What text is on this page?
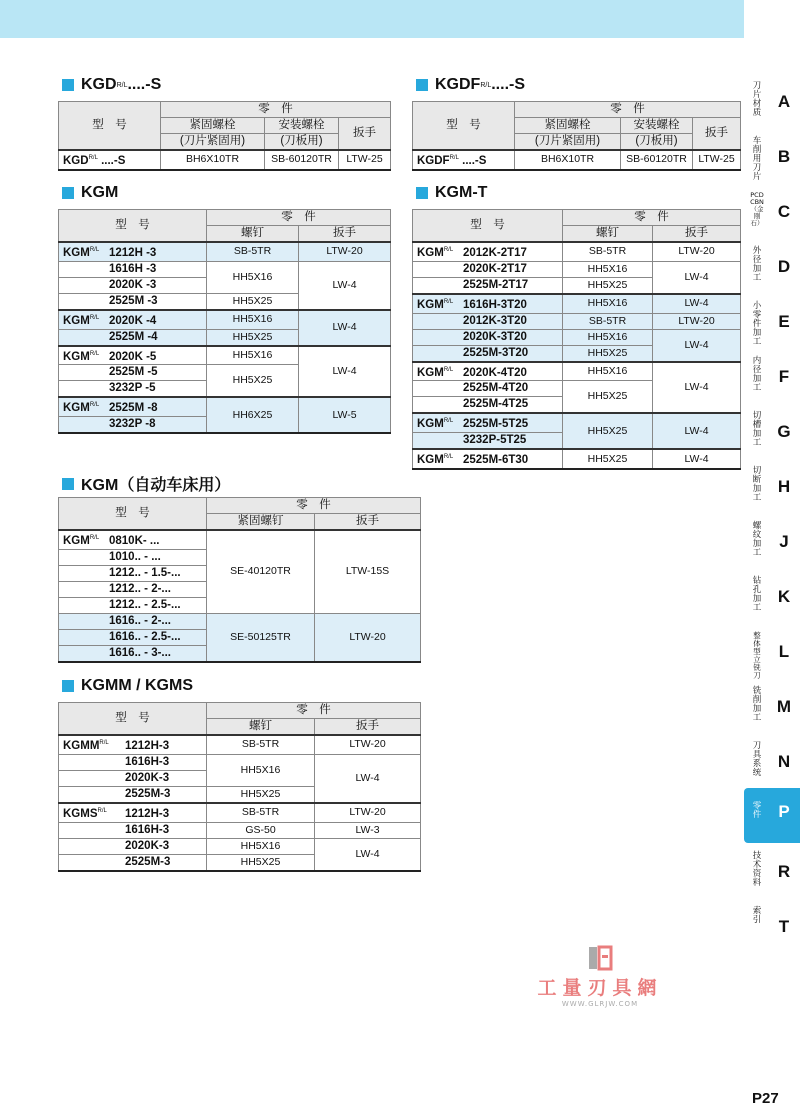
KGD R/L ....-S
型　号	零　件		
	紧固螺栓	安装螺栓	扳手
	(刀片紧固用)	(刀板用)	
$KGD^{R/L}$ ....-S	BH6X10TR	SB-60120TR	LTW-25
KGDF R/L ....-S
型　号	零　件		
	紧固螺栓	安装螺栓	扳手
	(刀片紧固用)	(刀板用)	
$KGDF^{R/L}$ ....-S	BH6X10TR	SB-60120TR	LTW-25
KGM
型　号	零　件	
	螺钉	扳手
$KGM^{R/L}$ 1212H -3	SB-5TR	LTW-20
1616H -3	HH5X16	LW-4
2020K -3		
2525M -3	HH5X25	
$KGM^{R/L}$ 2020K -4	HH5X16	LW-4
2525M -4	HH5X25	
$KGM^{R/L}$ 2020K -5	HH5X16	LW-4
2525M -5	HH5X25	
3232P -5		
$KGM^{R/L}$ 2525M -8	HH6X25	LW-5
3232P -8		
KGM-T
型　号	零　件	
	螺钉	扳手
$KGM^{R/L}$ 2012K-2T17	SB-5TR	LTW-20
2020K-2T17	HH5X16	LW-4
2525M-2T17	HH5X25	
$KGM^{R/L}$ 1616H-3T20	HH5X16	LW-4
2012K-3T20	SB-5TR	LTW-20
2020K-3T20	HH5X16	LW-4
2525M-3T20	HH5X25	
$KGM^{R/L}$ 2020K-4T20	HH5X16	LW-4
2525M-4T20	HH5X25	
2525M-4T25		
$KGM^{R/L}$ 2525M-5T25	HH5X25	LW-4
3232P-5T25		
$KGM^{R/L}$ 2525M-6T30	HH5X25	LW-4
KGM（自动车床用）
型　号	零　件	
	紧固螺钉	扳手
$KGM^{R/L}$ 0810K- ...	SE-40120TR	LTW-15S
1010.. - ...		
1212.. - 1.5-...		
1212.. - 2-...		
1212.. - 2.5-...		
1616.. - 2-...	SE-50125TR	LTW-20
1616.. - 2.5-...		
1616.. - 3-...		
KGMM / KGMS
型　号	零　件	
	螺钉	扳手
$KGMM^{R/L}$ 1212H-3	SB-5TR	LTW-20
1616H-3	HH5X16	LW-4
2020K-3		
2525M-3	HH5X25	
$KGMS^{R/L}$ 1212H-3	SB-5TR	LTW-20
1616H-3	GS-50	LW-3
2020K-3	HH5X16	LW-4
2525M-3	HH5X25	
刀片材质
A
车削用刀片
B
PCD CBN（金刚石）
C
外径加工
D
小零件加工
E
内径加工
F
切槽加工
G
切断加工
H
螺纹加工
J
钻孔加工
K
整体型立铣刀
L
铣削加工
M
刀具系统
N
零件	P
技术资料
R
索引	T
工量刃具網
WWW.GLRJW.COM
P27
